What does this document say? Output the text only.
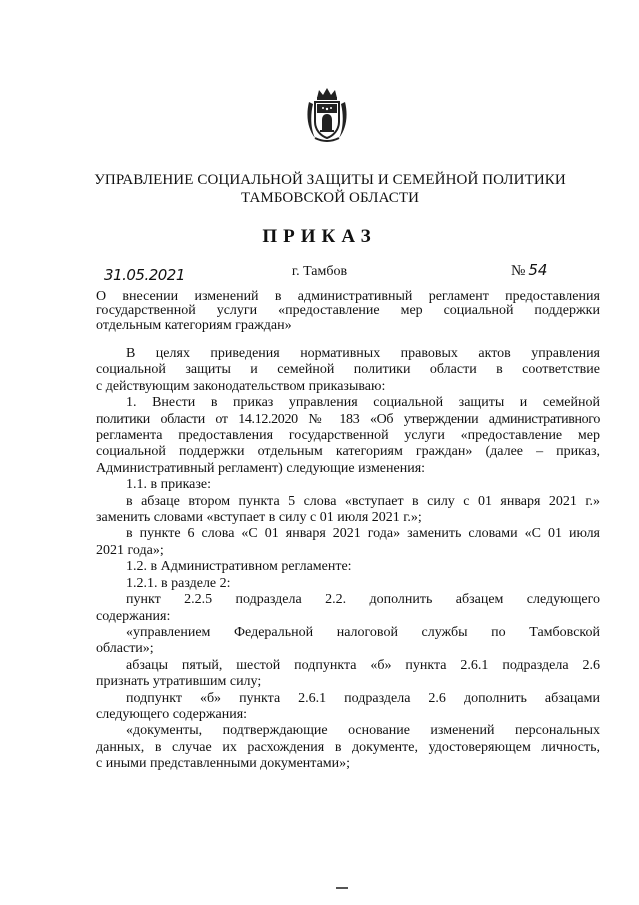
УПРАВЛЕНИЕ СОЦИАЛЬНОЙ ЗАЩИТЫ И СЕМЕЙНОЙ ПОЛИТИКИ
ТАМБОВСКОЙ ОБЛАСТИ
ПРИКАЗ
31.05.2021	г. Тамбов	№ 54
О внесении изменений в административный регламент предоставления
государственной услуги «предоставление мер социальной поддержки
отдельным категориям граждан»
В целях приведения нормативных правовых актов управления
социальной защиты и семейной политики области в соответствие
с действующим законодательством приказываю:
1. Внести в приказ управления социальной защиты и семейной
политики области от 14.12.2020 № 183 «Об утверждении административного
регламента предоставления государственной услуги «предоставление мер
социальной поддержки отдельным категориям граждан» (далее – приказ,
Административный регламент) следующие изменения:
1.1. в приказе:
в абзаце втором пункта 5 слова «вступает в силу с 01 января 2021 г.»
заменить словами «вступает в силу с 01 июля 2021 г.»;
в пункте 6 слова «С 01 января 2021 года» заменить словами «С 01 июля
2021 года»;
1.2. в Административном регламенте:
1.2.1. в разделе 2:
пункт 2.2.5 подраздела 2.2. дополнить абзацем следующего
содержания:
«управлением Федеральной налоговой службы по Тамбовской
области»;
абзацы пятый, шестой подпункта «б» пункта 2.6.1 подраздела 2.6
признать утратившим силу;
подпункт «б» пункта 2.6.1 подраздела 2.6 дополнить абзацами
следующего содержания:
«документы, подтверждающие основание изменений персональных
данных, в случае их расхождения в документе, удостоверяющем личность,
с иными представленными документами»;
